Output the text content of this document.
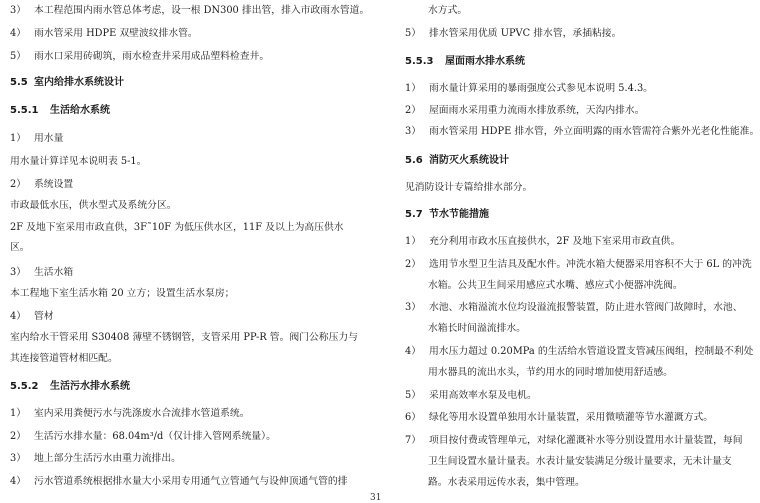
3） 本工程范围内雨水管总体考虑，设一根 DN300 排出管，排入市政雨水管道。
4） 雨水管采用 HDPE 双壁波纹排水管。
5） 雨水口采用砖砌筑，雨水检查井采用成品塑料检查井。
5.5 室内给排水系统设计
5.5.1 生活给水系统
1） 用水量
用水量计算详见本说明表 5-1。
2） 系统设置
市政最低水压，供水型式及系统分区。
2F 及地下室采用市政直供，3F˜10F 为低压供水区，11F 及以上为高压供水
区。
3） 生活水箱
本工程地下室生活水箱 20 立方；设置生活水泵房；
4） 管材
室内给水干管采用 S30408 薄壁不锈钢管，支管采用 PP-R 管。阀门公称压力与
其连接管道管材相匹配。
5.5.2 生活污水排水系统
1） 室内采用粪便污水与洗涤废水合流排水管道系统。
2） 生活污水排水量：68.04m³/d（仅计排入管网系统量）。
3） 地上部分生活污水由重力流排出。
4） 污水管道系统根据排水量大小采用专用通气立管通气与设伸顶通气管的排
水方式。
5） 排水管采用优质 UPVC 排水管，承插粘接。
5.5.3 屋面雨水排水系统
1） 雨水量计算采用的暴雨强度公式参见本说明 5.4.3。
2） 屋面雨水采用重力流雨水排放系统，天沟内排水。
3） 雨水管采用 HDPE 排水管，外立面明露的雨水管需符合紫外光老化性能准。
5.6 消防灭火系统设计
见消防设计专篇给排水部分。
5.7 节水节能措施
1） 充分利用市政水压直接供水，2F 及地下室采用市政直供。
2） 选用节水型卫生洁具及配水件。冲洗水箱大便器采用容积不大于 6L 的冲洗
水箱。公共卫生间采用感应式水嘴、感应式小便器冲洗阀。
3） 水池、水箱溢流水位均设溢流报警装置，防止进水管阀门故障时，水池、
水箱长时间溢流排水。
4） 用水压力超过 0.20MPa 的生活给水管道设置支管减压阀组，控制最不利处
用水器具的流出水头，节约用水的同时增加使用舒适感。
5） 采用高效率水泵及电机。
6） 绿化等用水设置单独用水计量装置，采用微喷灌等节水灌溉方式。
7） 项目按付费或管理单元，对绿化灌溉补水等分别设置用水计量装置，每间
卫生间设置水量计量表。水表计量安装满足分级计量要求，无未计量支
路。水表采用远传水表，集中管理。
31
